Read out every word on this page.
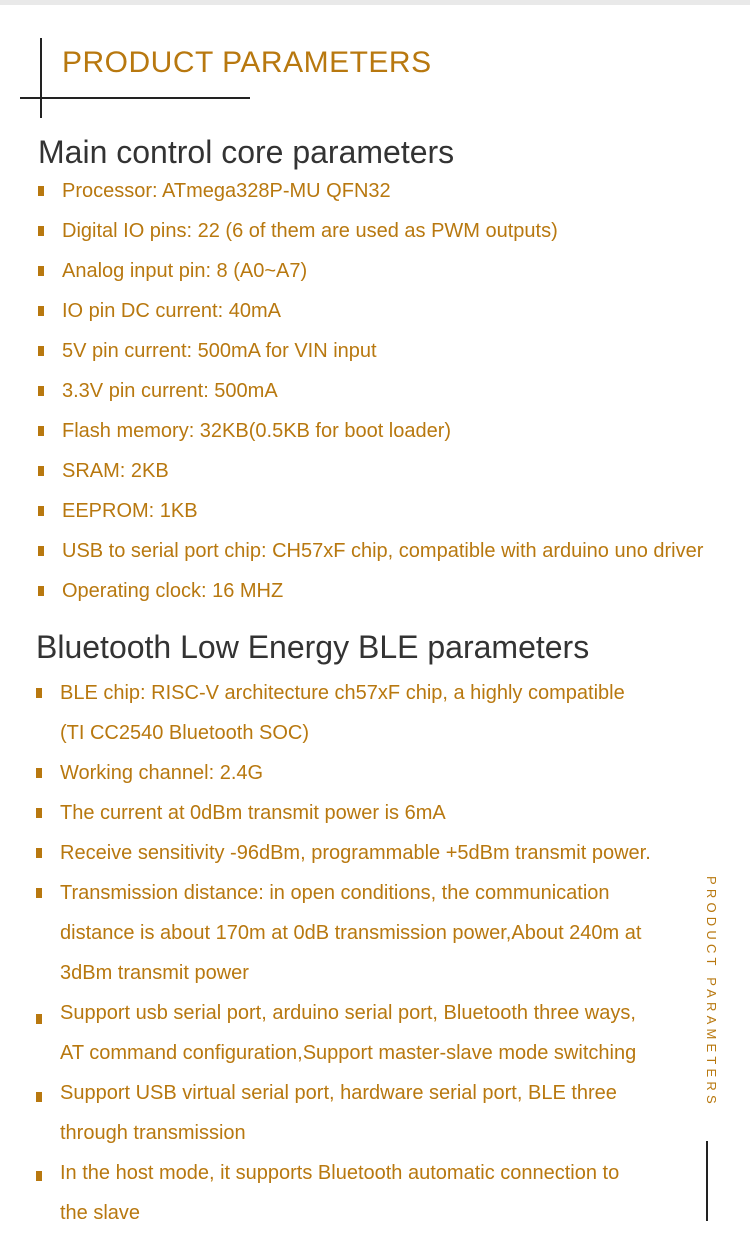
PRODUCT PARAMETERS
Main control core parameters
Processor: ATmega328P-MU QFN32
Digital IO pins: 22 (6 of them are used as PWM outputs)
Analog input pin: 8 (A0~A7)
IO pin DC current: 40mA
5V pin current: 500mA for VIN input
3.3V pin current: 500mA
Flash memory: 32KB(0.5KB for boot loader)
SRAM: 2KB
EEPROM: 1KB
USB to serial port chip: CH57xF chip, compatible with arduino uno driver
Operating clock: 16 MHZ
Bluetooth Low Energy BLE parameters
BLE chip: RISC-V architecture ch57xF chip, a highly compatible
(TI CC2540 Bluetooth SOC)
Working channel: 2.4G
The current at 0dBm transmit power is 6mA
Receive sensitivity -96dBm, programmable +5dBm transmit power.
Transmission distance: in open conditions, the communication
distance is about 170m at 0dB transmission power,About 240m at
3dBm transmit power
Support usb serial port, arduino serial port, Bluetooth three ways,
AT command configuration,Support master-slave mode switching
Support USB virtual serial port, hardware serial port, BLE three
through transmission
In the host mode, it supports Bluetooth automatic connection to
the slave
PRODUCT PARAMETERS
